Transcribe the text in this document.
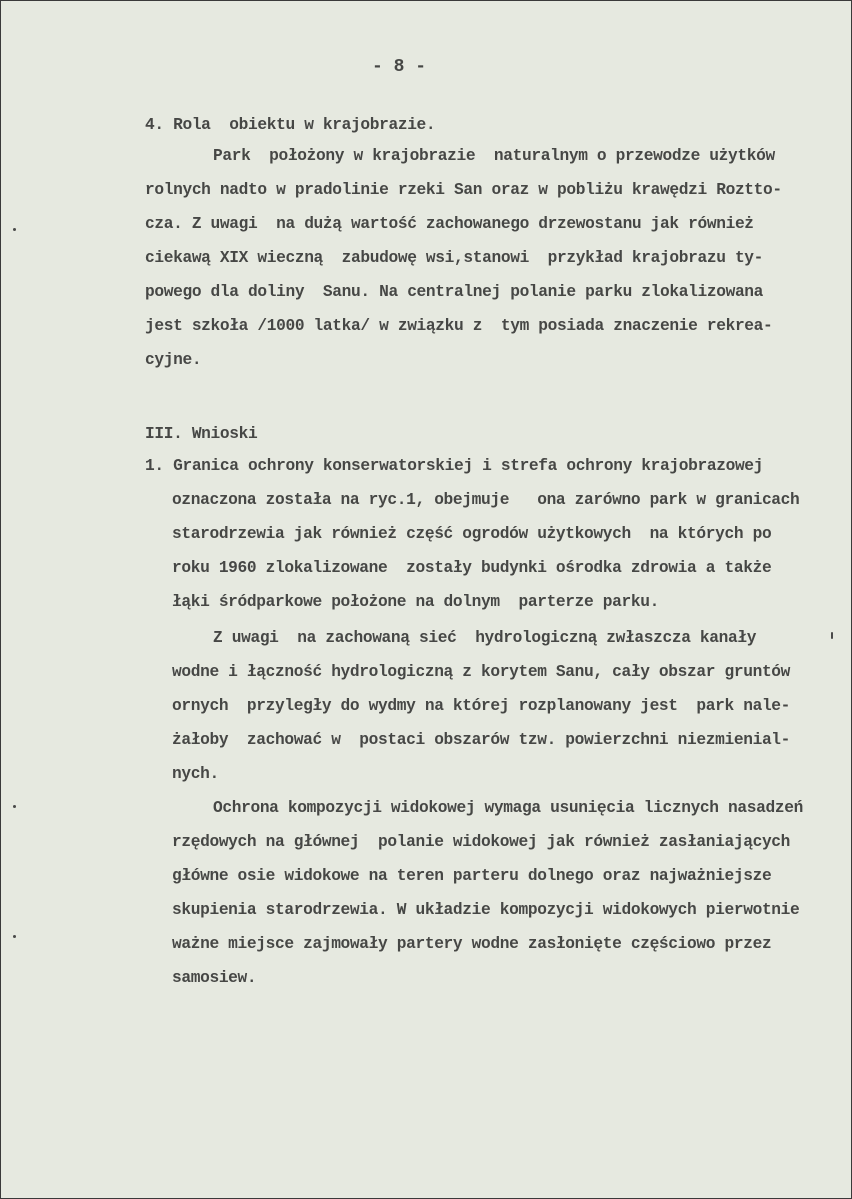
- 8 -
4. Rola  obiektu w krajobrazie.
Park  położony w krajobrazie  naturalnym o przewodze użytków
rolnych nadto w pradolinie rzeki San oraz w pobliżu krawędzi Roztto-
cza. Z uwagi  na dużą wartość zachowanego drzewostanu jak również
ciekawą XIX wieczną  zabudowę wsi,stanowi  przykład krajobrazu ty-
powego dla doliny  Sanu. Na centralnej polanie parku zlokalizowana
jest szkoła /1000 latka/ w związku z  tym posiada znaczenie rekrea-
cyjne.
III. Wnioski
1. Granica ochrony konserwatorskiej i strefa ochrony krajobrazowej
oznaczona została na ryc.1, obejmuje   ona zarówno park w granicach
starodrzewia jak również część ogrodów użytkowych  na których po
roku 1960 zlokalizowane  zostały budynki ośrodka zdrowia a także
łąki śródparkowe położone na dolnym  parterze parku.
Z uwagi  na zachowaną sieć  hydrologiczną zwłaszcza kanały
wodne i łączność hydrologiczną z korytem Sanu, cały obszar gruntów
ornych  przyległy do wydmy na której rozplanowany jest  park nale-
żałoby  zachować w  postaci obszarów tzw. powierzchni niezmienial-
nych.
Ochrona kompozycji widokowej wymaga usunięcia licznych nasadzeń
rzędowych na głównej  polanie widokowej jak również zasłaniających
główne osie widokowe na teren parteru dolnego oraz najważniejsze
skupienia starodrzewia. W układzie kompozycji widokowych pierwotnie
ważne miejsce zajmowały partery wodne zasłonięte częściowo przez
samosiew.
